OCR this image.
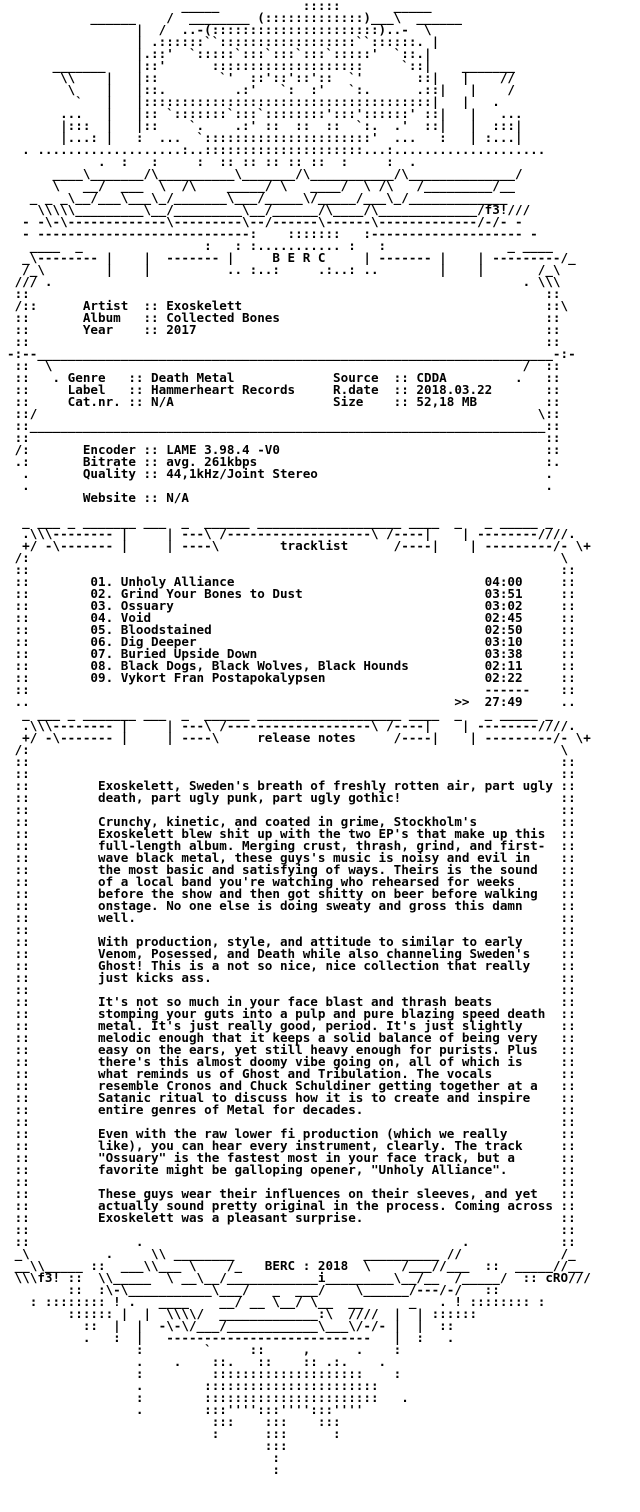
_____           :::::       _____
______    /  ________ (:::::::::::::)___\  ______
|  /  ..-(::::::::::::::::::::::)..-  \
| .::::::``::::::::::::::::::``::::::. |
|.::'  `:::::`:::`:::`:::`:::::'  `::.|
_______    |::'      ::::::::::::::::::::     `::|    _______
\\    |   |::        `'  ::'::'::'::  `'       ::|   |    //
\    |   |::.         .:'   `:  :'   `:.      .::|   |    /
`   |   |::::::::::::::::::::::::::::::::::::::|   |   .
...   |   |:: `:::::::`:::`::::::::':::'::::::' ::|   |   ...
|:::  |   |::    `.    .:' ::  ::  ::  `:.  .'  ::|   |  :::|
|...: |   :  ...  `::::::::::::::::::::::'  ...   :   | :...|
. ...................:..:::::::::::::::::::::...:....................
.  :   :     :  :: :: :: :: ::  :     :  .
____\_______/\__________\_______/\___________/\______________/
\   __/  ___  \  /\    _____/ \   ____/  \ /\   /_________/__
_ _ _\__/___\___\_/_______\___/_____\/_____/___\_/_____________
\\\\\_________\__/_________\__/______/\____/\_____________/f3!///
- -\-\-------------\---------\--/------\------\-------------/-/- -
- ----------------------------:    :::::::   :-------------------- -
____  _                :   : :........... :   :                _ ____
_\-------- |    |  ------- |     B E R C     | ------- |    | ---------/_
/_\        |    |          .. :..:     .:..: ..        |    |       /_\
/// .                                                              . \\\
::                                                                    ::
/::      Artist  :: Exoskelett                                        ::\
::       Album   :: Collected Bones                                   ::
::       Year    :: 2017                                              ::
::                                                                    ::
-:--____________________________________________________________________-:-
::  \                                                              /  ::
::   . Genre   :: Death Metal             Source  :: CDDA         .   ::
::     Label   :: Hammerheart Records     R.date  :: 2018.03.22       ::
::     Cat.nr. :: N/A                     Size    :: 52,18 MB         ::
::/                                                                  \::
::____________________________________________________________________::
::                                                                    ::
/:       Encoder :: LAME 3.98.4 -V0                                   ::
.:       Bitrate :: avg. 261kbps                                      :.
.       Quality :: 44,1kHz/Joint Stereo                              .
.                                                                    .
Website :: N/A
_ ___ _ _______ ___  _  ______ ___________________ ____  _   _ _____ _
.\\\-------- |     | ---\ /-------------------\ /----|    | --------////.
+/ -\------- |     | ----\        tracklist      /----|    | ---------/- \+
/:                                                                      \
::                                                                      ::
::        01. Unholy Alliance                                 04:00     ::
::        02. Grind Your Bones to Dust                        03:51     ::
::        03. Ossuary                                         03:02     ::
::        04. Void                                            02:45     ::
::        05. Bloodstained                                    02:50     ::
::        06. Dig Deeper                                      03:10     ::
::        07. Buried Upside Down                              03:38     ::
::        08. Black Dogs, Black Wolves, Black Hounds          02:11     ::
::        09. Vykort Fran Postapokalypsen                     02:22     ::
::                                                            ------    ::
..                                                        >>  27:49     ..
_ ___ _ _______ ___  _  ______ ___________________ ____  _   _ _____ _
.\\\-------- |     | ---\ /-------------------\ /----|    | --------////.
+/ -\------- |     | ----\     release notes     /----|    | ---------/- \+
/:                                                                      \
::                                                                      ::
::                                                                      ::
::         Exoskelett, Sweden's breath of freshly rotten air, part ugly ::
::         death, part ugly punk, part ugly gothic!                     ::
::                                                                      ::
::         Crunchy, kinetic, and coated in grime, Stockholm's           ::
::         Exoskelett blew shit up with the two EP's that make up this  ::
::         full-length album. Merging crust, thrash, grind, and first-  ::
::         wave black metal, these guys's music is noisy and evil in    ::
::         the most basic and satisfying of ways. Theirs is the sound   ::
::         of a local band you're watching who rehearsed for weeks      ::
::         before the show and then got shitty on beer before walking   ::
::         onstage. No one else is doing sweaty and gross this damn     ::
::         well.                                                        ::
::                                                                      ::
::         With production, style, and attitude to similar to early     ::
::         Venom, Posessed, and Death while also channeling Sweden's    ::
::         Ghost! This is a not so nice, nice collection that really    ::
::         just kicks ass.                                              ::
::                                                                      ::
::         It's not so much in your face blast and thrash beats         ::
::         stomping your guts into a pulp and pure blazing speed death  ::
::         metal. It's just really good, period. It's just slightly     ::
::         melodic enough that it keeps a solid balance of being very   ::
::         easy on the ears, yet still heavy enough for purists. Plus   ::
::         there's this almost doomy vibe going on, all of which is     ::
::         what reminds us of Ghost and Tribulation. The vocals         ::
::         resemble Cronos and Chuck Schuldiner getting together at a   ::
::         Satanic ritual to discuss how it is to create and inspire    ::
::         entire genres of Metal for decades.                          ::
::                                                                      ::
::         Even with the raw lower fi production (which we really       ::
::         like), you can hear every instrument, clearly. The track     ::
::         "Ossuary" is the fastest most in your face track, but a      ::
::         favorite might be galloping opener, "Unholy Alliance".       ::
::                                                                      ::
::         These guys wear their influences on their sleeves, and yet   ::
::         actually sound pretty original in the process. Coming across ::
::         Exoskelett was a pleasant surprise.                          ::
::                                                                      ::
::              .                                          .            ::
_\          .     \\ ________                 __________ //             /_
__\\_____ ::  ___\\___ \    /_   BERC : 2018  \    /___//___  ::  _____//__
\\\f3! ::  \\_____  \ __\__/____________i_________\__/__  /_____/  :: cRO///
::  :\-\___________\___/   _  ___/    \______/---/-/   ::
: :::::::: ! .   ____    __/ __ \__/ \__  __      _   . ! :::::::: :
:::::: |  |  \\\\/  _____________:\  ////  |  | ::::::
::  |  |  -\-\/___/____________\___\/-/- |  |  ::
.   :  |   ---------------------------   |  :   .
:        `     ::     ,      .    :
.    .    ::.   ::    :: .:.    .
:         ::::::::::::::::::::    :
.        :::::::::::::::::::::::
:        :::::::::::::::::::::::   .
.        :::'''':::'''':::''''
:::    :::    :::
:      :::      :
:::
:
:
